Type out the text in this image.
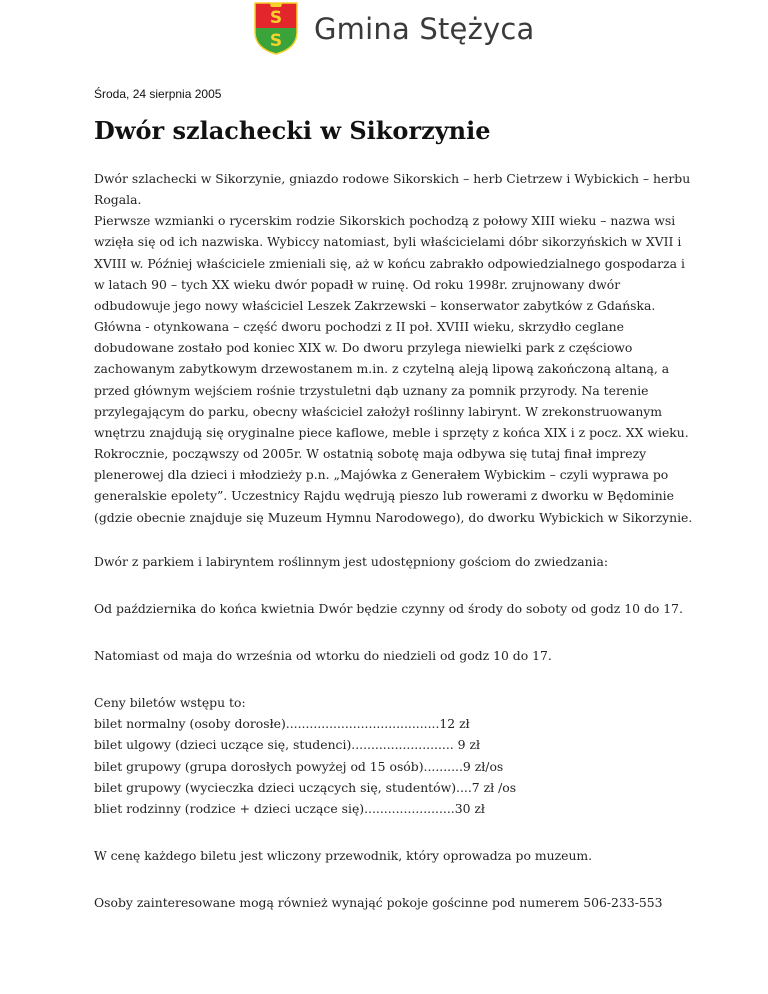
S
S Gmina Stężyca

Środa, 24 sierpnia 2005

Dwór szlachecki w Sikorzynie

Dwór szlachecki w Sikorzynie, gniazdo rodowe Sikorskich – herb Cietrzew i Wybickich – herbu Rogala.

Pierwsze wzmianki o rycerskim rodzie Sikorskich pochodzą z połowy XIII wieku – nazwa wsi wzięła się od ich nazwiska. Wybiccy natomiast, byli właścicielami dóbr sikorzyńskich w XVII i XVIII w. Później właściciele zmieniali się, aż w końcu zabrakło odpowiedzialnego gospodarza i w latach 90 – tych XX wieku dwór popadł w ruinę. Od roku 1998r. zrujnowany dwór odbudowuje jego nowy właściciel Leszek Zakrzewski – konserwator zabytków z Gdańska. Główna - otynkowana – część dworu pochodzi z II poł. XVIII wieku, skrzydło ceglane dobudowane zostało pod koniec XIX w. Do dworu przylega niewielki park z częściowo zachowanym zabytkowym drzewostanem m.in. z czytelną aleją lipową zakończoną altaną, a przed głównym wejściem rośnie trzystuletni dąb uznany za pomnik przyrody. Na terenie przylegającym do parku, obecny właściciel założył roślinny labirynt. W zrekonstruowanym wnętrzu znajdują się oryginalne piece kaflowe, meble i sprzęty z końca XIX i z pocz. XX wieku. Rokrocznie, począwszy od 2005r. W ostatnią sobotę maja odbywa się tutaj finał imprezy plenerowej dla dzieci i młodzieży p.n. „Majówka z Generałem Wybickim – czyli wyprawa po generalskie epolety”. Uczestnicy Rajdu wędrują pieszo lub rowerami z dworku w Będominie (gdzie obecnie znajduje się Muzeum Hymnu Narodowego), do dworku Wybickich w Sikorzynie.

Dwór z parkiem i labiryntem roślinnym jest udostępniony gościom do zwiedzania:

Od października do końca kwietnia Dwór będzie czynny od środy do soboty od godz 10 do 17.

Natomiast od maja do września od wtorku do niedzieli od godz 10 do 17.

Ceny biletów wstępu to:

bilet normalny (osoby dorosłe).......................................12 zł

bilet ulgowy (dzieci uczące się, studenci).......................... 9 zł

bilet grupowy (grupa dorosłych powyżej od 15 osób)..........9 zł/os

bilet grupowy (wycieczka dzieci uczących się, studentów)....7 zł /os

bliet rodzinny (rodzice + dzieci uczące się).......................30 zł

W cenę każdego biletu jest wliczony przewodnik, który oprowadza po muzeum.

Osoby zainteresowane mogą również wynająć pokoje gościnne pod numerem 506-233-553
